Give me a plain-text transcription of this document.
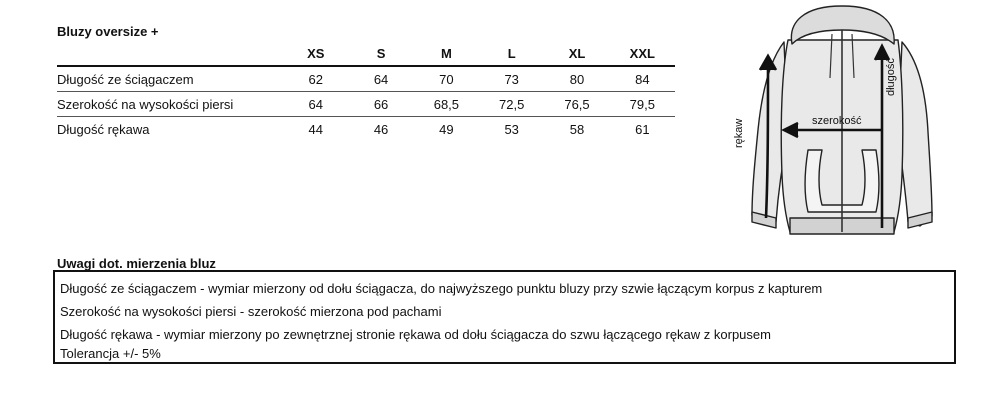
Bluzy oversize +
	XS	S	M	L	XL	XXL
Długość ze ściągaczem	62	64	70	73	80	84
Szerokość na wysokości piersi	64	66	68,5	72,5	76,5	79,5
Długość rękawa	44	46	49	53	58	61
długość
rękaw	szerokość
Uwagi dot. mierzenia bluz
Długość ze ściągaczem - wymiar mierzony od dołu ściągacza, do najwyższego punktu bluzy przy szwie łączącym korpus z kapturem
Szerokość na wysokości piersi - szerokość mierzona pod pachami
Długość rękawa - wymiar mierzony po zewnętrznej stronie rękawa od dołu ściągacza do szwu łączącego rękaw z korpusem
Tolerancja +/- 5%
